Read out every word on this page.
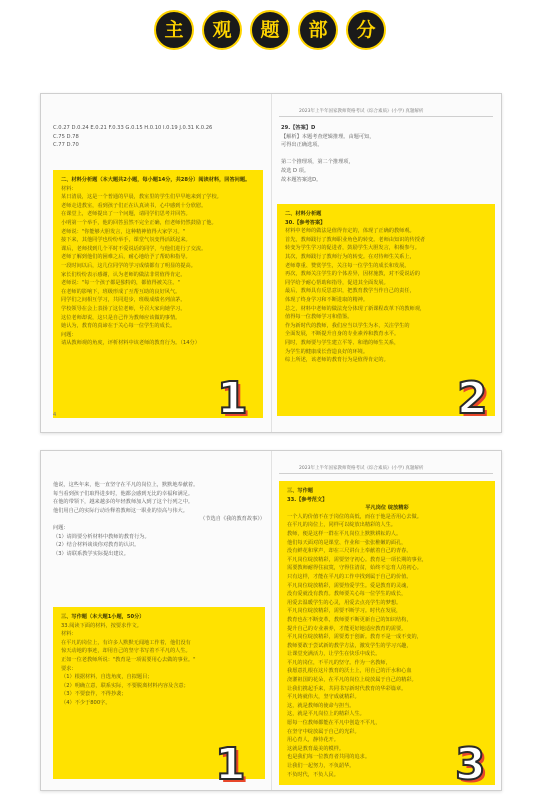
主	观	题	部	分
2023年上半年国家教师资格考试《综合素质》(小学) 真题解析

C.0.27 D.0.24 E.0.21 F.0.33 G.0.15 H.0.10 I.0.19 J.0.31 K.0.26

C.75 D.78

C.77 D.70

二、材料分析题（本大题共2小题，每小题14分，共28分）阅读材料，回答问题。

材料：

某日清晨，这是一个普通的早晨，教室里的学生们早早地来到了学校。

老师走进教室，看到孩子们正在认真读书，心中感到十分欣慰。

在课堂上，老师提出了一个问题，请同学们思考并回答。

小明第一个举手，他的回答虽然不完全正确，但老师仍然鼓励了他。

老师说："你能够大胆发言，这种精神值得大家学习。"

接下来，其他同学也纷纷举手，课堂气氛变得活跃起来。

课后，老师找到几个平时不爱说话的同学，与他们进行了交流。

老师了解到他们的困难之后，耐心地给予了帮助和指导。

一段时间以后，这几位同学的学习成绩都有了明显的提高。

家长们纷纷表示感谢，认为老师的做法非常值得肯定。

老师说："每一个孩子都是独特的，都值得被关注。"

在老师的影响下，班级形成了互帮互助的良好风气。

同学们之间相互学习，共同进步，班级成绩名列前茅。

学校领导在会上表扬了这位老师，号召大家向她学习。

这位老师却说，这只是自己作为教师应该做的事情。

她认为，教育的真谛在于关心每一位学生的成长。

问题：

请从教师观的角度，评析材料中该老师的教育行为。（14分）

1
4

29.【答案】D

【解析】本题考查逻辑推理。由题可知，

可得出正确选项。

第二个推理项，第二个推理项，

故选 D 项。

故本题答案选D。

二、材料分析题

30.【参考答案】

材料中老师的做法是值得肯定的，体现了正确的教师观。

首先，教师践行了教师职业角色的转变。老师由知识的传授者

转变为学生学习的促进者，鼓励学生大胆发言，积极参与。

其次，教师践行了教师行为的转变。在对待师生关系上，

老师尊重、赞赏学生，关注每一位学生的成长和发展。

再次，教师关注学生的个体差异，因材施教，对不爱说话的

同学给予耐心帮助和指导，促进其全面发展。

最后，教师具有反思意识，把教育教学当作自己的责任，

体现了终身学习和不断进取的精神。

总之，材料中老师的做法充分体现了新课程改革下的教师观，

值得每一位教师学习和借鉴。

作为新时代的教师，我们应当以学生为本，关注学生的

全面发展，不断提升自身的专业素养和教育水平。

同时，教师要与学生建立平等、和谐的师生关系，

为学生的健康成长营造良好的环境。

综上所述，该老师的教育行为是值得肯定的。

2
2023年上半年国家教师资格考试《综合素质》(小学) 真题解析

他说，这些年来，他一直坚守在平凡的岗位上，默默地奉献着。

每当看到孩子们取得进步时，他都会感到无比的幸福和满足。

在他的带领下，越来越多的年轻教师加入到了这个行列之中。

他们用自己的实际行动诠释着教师这一职业的崇高与伟大。

（节选自《我的教育故事》）

问题：

（1）请简要分析材料中教师的教育行为。

（2）结合材料谈谈你对教育的认识。

（3）请联系教学实际提出建议。

三、写作题（本大题1小题，50分）

33.阅读下面的材料，按要求作文。

材料：

在平凡的岗位上，有许多人默默无闻地工作着，他们没有

惊天动地的事迹，却用自己的坚守书写着不平凡的人生。

正如一位老教师所说："教育是一项需要用心去做的事业。"

要求：

（1）根据材料，自选角度，自拟题目；

（2）明确立意，联系实际，不要脱离材料内容及含意；

（3）不要套作，不得抄袭；

（4）不少于800字。

1

三、写作题

33.【参考范文】

平凡岗位 绽放精彩

一个人的价值不在于岗位的高低，而在于他是否用心去做。

在平凡的岗位上，同样可以绽放出精彩的人生。

教师，便是这样一群在平凡岗位上默默耕耘的人。

他们每天面对的是课堂、作业和一张张稚嫩的面孔，

没有鲜花和掌声，却在三尺讲台上奉献着自己的青春。

平凡岗位绽放精彩，需要坚守初心。教育是一项长期的事业，

需要教师耐得住寂寞，守得住清贫，始终不忘育人的初心。

只有这样，才能在平凡的工作中找到属于自己的价值。

平凡岗位绽放精彩，需要热爱学生。爱是教育的灵魂，

没有爱就没有教育。教师要关心每一位学生的成长，

用爱去温暖学生的心灵，用爱去点亮学生的梦想。

平凡岗位绽放精彩，需要不断学习。时代在发展，

教育也在不断变革，教师要不断更新自己的知识结构，

提升自己的专业素养，才能更好地适应教育的需要。

平凡岗位绽放精彩，需要勇于创新。教育不是一成不变的，

教师要敢于尝试新的教学方法，激发学生的学习兴趣，

让课堂充满活力，让学生在快乐中成长。

平凡的岗位，不平凡的坚守。作为一名教师，

我愿意扎根在这片教育的沃土上，用自己的汗水和心血

浇灌祖国的花朵，在平凡的岗位上绽放属于自己的精彩。

让我们携起手来，共同书写新时代教育的华彩篇章。

平凡铸就伟大，坚守成就精彩。

这，就是教师的使命与担当。

这，就是平凡岗位上的精彩人生。

愿每一位教师都能在平凡中创造不平凡，

在坚守中绽放属于自己的光彩。

用心育人，静待花开。

这就是教育最美的模样。

也是我们每一位教育者共同的追求。

让我们一起努力，不负韶华。

不负时代，不负人民。	3
